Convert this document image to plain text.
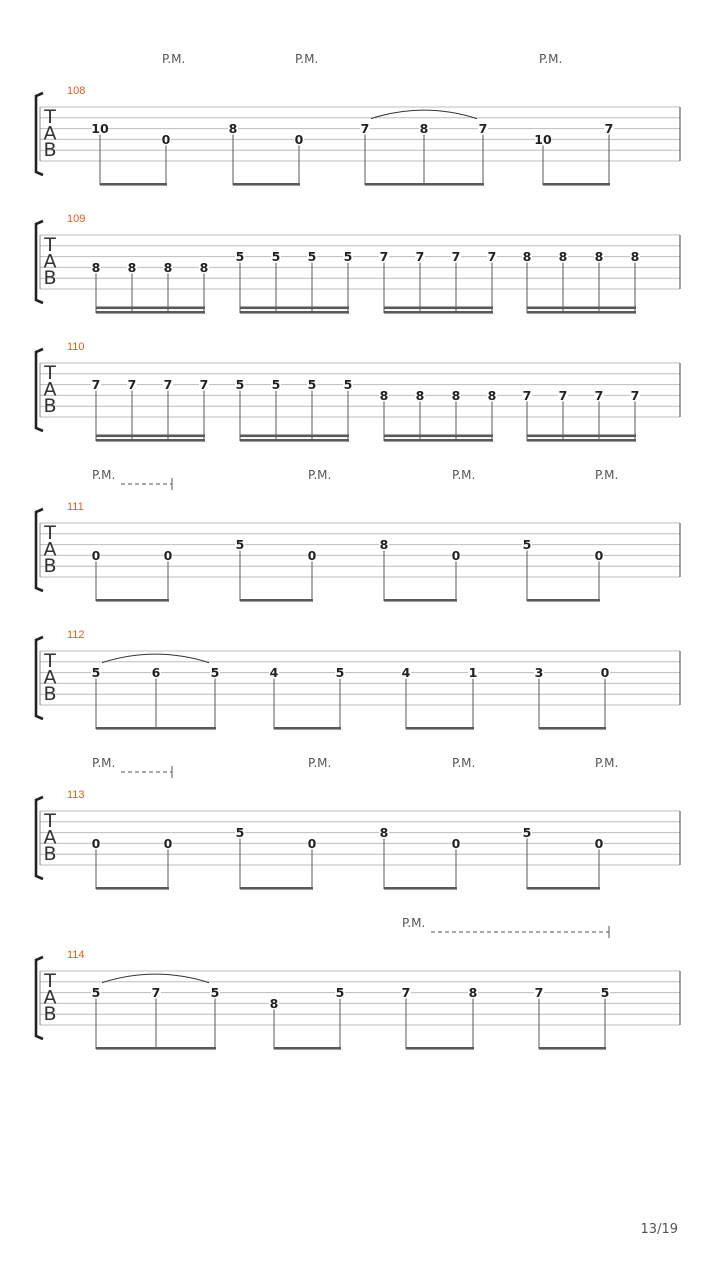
T
A
B
108
10
0
8
0
7	8	7
10
7
P.M.	P.M.	P.M.
T
A
B
109
8 8 8 8
5 5 5 5 7 7 7 7 8 8 8 8
T
A
B
110
7 7 7 7 5 5 5 5
8 8 8 8 7 7 7 7
T
A
B
111
0	0
5
0
8
0
5
0
P.M.	P.M.	P.M.	P.M.
T
A
B
112
5	6	5	4	5	4	1	3	0
T
A
B
113
0	0
5
0
8
0
5
0
P.M.	P.M.	P.M.	P.M.
T
A
B
114
5	7	5
8
5	7	8	7	5
P.M.
13/19
